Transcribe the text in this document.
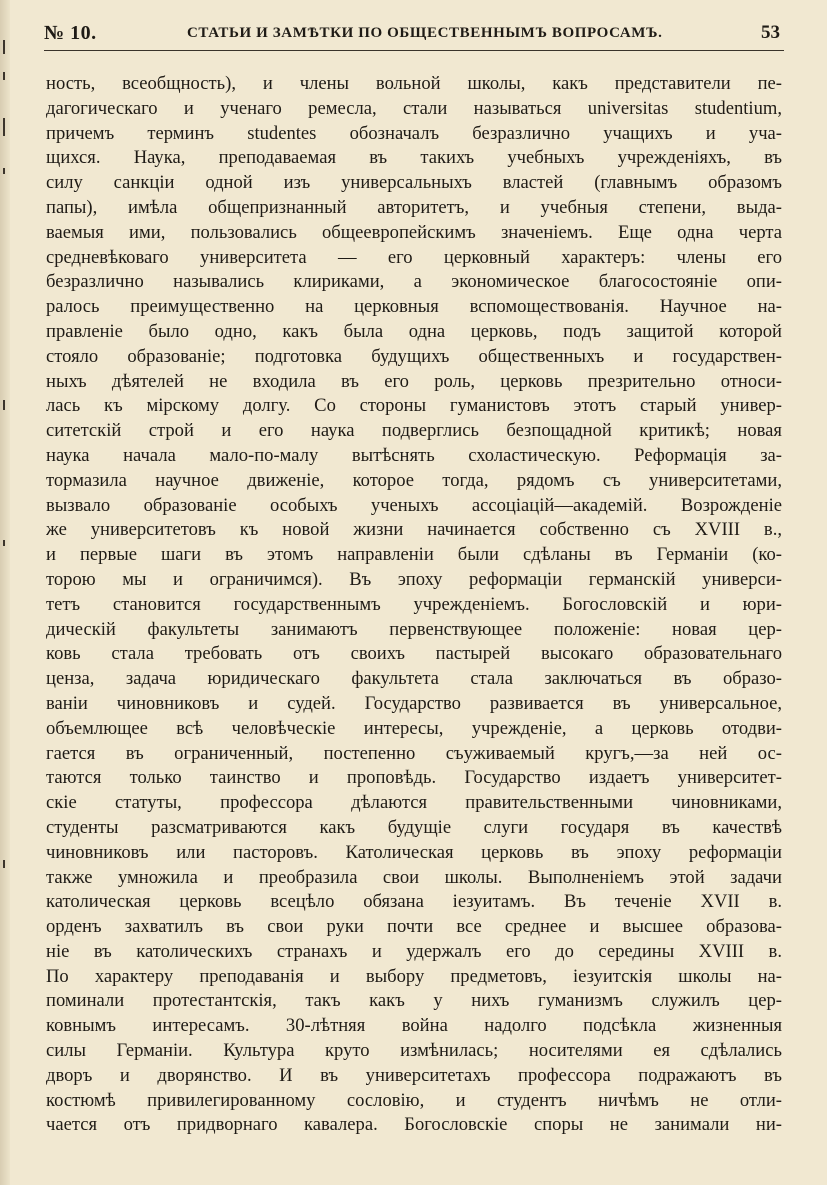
№ 10.	СТАТЬИ И ЗАМѢТКИ ПО ОБЩЕСТВЕННЫМЪ ВОПРОСАМЪ.	53
ность, всеобщность), и члены вольной школы, какъ представители пе-
дагогическаго и ученаго ремесла, стали называться universitas studentium,
причемъ терминъ studentes обозначалъ безразлично учащихъ и уча-
щихся. Наука, преподаваемая въ такихъ учебныхъ учрежденіяхъ, въ
силу санкціи одной изъ универсальныхъ властей (главнымъ образомъ
папы), имѣла общепризнанный авторитетъ, и учебныя степени, выда-
ваемыя ими, пользовались общеевропейскимъ значеніемъ. Еще одна черта
средневѣковаго университета — его церковный характеръ: члены его
безразлично назывались клириками, а экономическое благосостояніе опи-
ралось преимущественно на церковныя вспомоществованія. Научное на-
правленіе было одно, какъ была одна церковь, подъ защитой которой
стояло образованіе; подготовка будущихъ общественныхъ и государствен-
ныхъ дѣятелей не входила въ его роль, церковь презрительно относи-
лась къ мірскому долгу. Со стороны гуманистовъ этотъ старый универ-
ситетскій строй и его наука подверглись безпощадной критикѣ; новая
наука начала мало-по-малу вытѣснять схоластическую. Реформація за-
тормазила научное движеніе, которое тогда, рядомъ съ университетами,
вызвало образованіе особыхъ ученыхъ ассоціацій—академій. Возрожденіе
же университетовъ къ новой жизни начинается собственно съ XVIII в.,
и первые шаги въ этомъ направленіи были сдѣланы въ Германіи (ко-
торою мы и ограничимся). Въ эпоху реформаціи германскій универси-
тетъ становится государственнымъ учрежденіемъ. Богословскій и юри-
дическій факультеты занимаютъ первенствующее положеніе: новая цер-
ковь стала требовать отъ своихъ пастырей высокаго образовательнаго
ценза, задача юридическаго факультета стала заключаться въ образо-
ваніи чиновниковъ и судей. Государство развивается въ универсальное,
объемлющее всѣ человѣческіе интересы, учрежденіе, а церковь отодви-
гается въ ограниченный, постепенно съуживаемый кругъ,—за ней ос-
таются только таинство и проповѣдь. Государство издаетъ университет-
скіе статуты, профессора дѣлаются правительственными чиновниками,
студенты разсматриваются какъ будущіе слуги государя въ качествѣ
чиновниковъ или пасторовъ. Католическая церковь въ эпоху реформаціи
также умножила и преобразила свои школы. Выполненіемъ этой задачи
католическая церковь всецѣло обязана іезуитамъ. Въ теченіе XVII в.
орденъ захватилъ въ свои руки почти все среднее и высшее образова-
ніе въ католическихъ странахъ и удержалъ его до середины XVIII в.
По характеру преподаванія и выбору предметовъ, іезуитскія школы на-
поминали протестантскія, такъ какъ у нихъ гуманизмъ служилъ цер-
ковнымъ интересамъ. 30-лѣтняя война надолго подсѣкла жизненныя
силы Германіи. Культура круто измѣнилась; носителями ея сдѣлались
дворъ и дворянство. И въ университетахъ профессора подражаютъ въ
костюмѣ привилегированному сословію, и студентъ ничѣмъ не отли-
чается отъ придворнаго кавалера. Богословскіе споры не занимали ни-
